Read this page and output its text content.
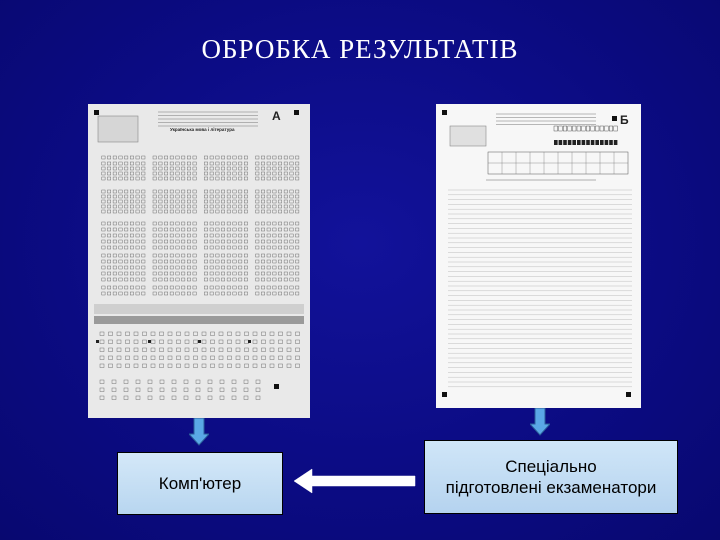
ОБРОБКА РЕЗУЛЬТАТІВ
А
Українська мова і література
Б
Комп'ютер
Спеціально
підготовлені екзаменатори
